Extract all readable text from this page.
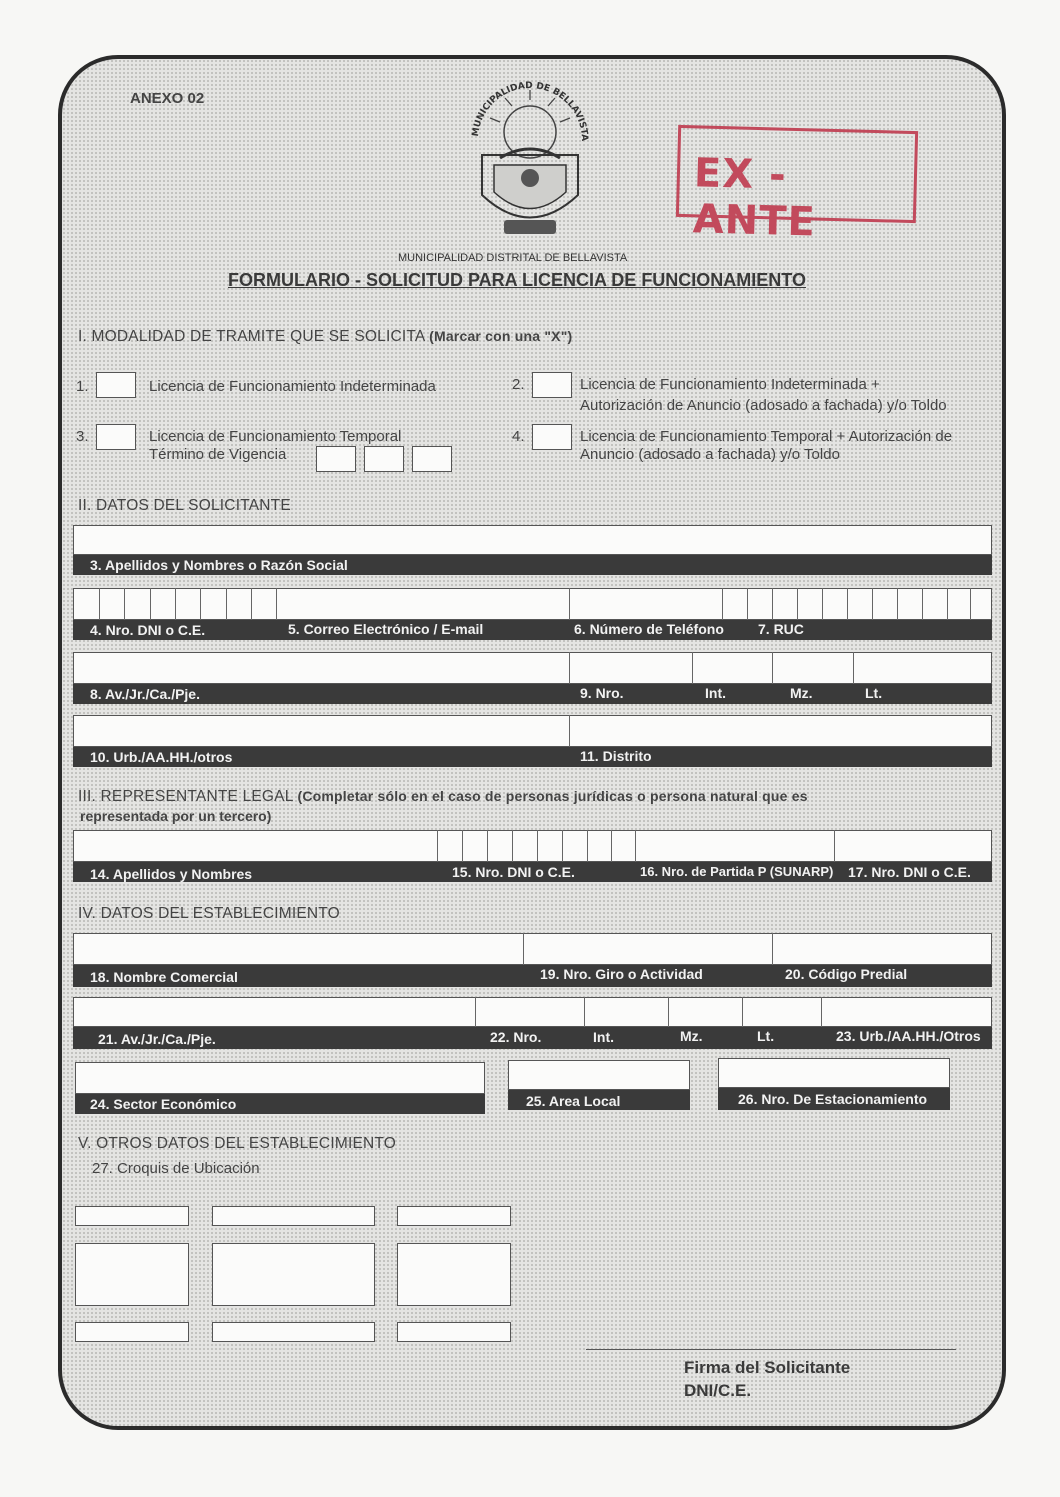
ANEXO 02
MUNICIPALIDAD DE BELLAVISTA
EX - ANTE
MUNICIPALIDAD DISTRITAL DE BELLAVISTA
FORMULARIO - SOLICITUD PARA LICENCIA DE FUNCIONAMIENTO
I. MODALIDAD DE TRAMITE QUE SE SOLICITA (Marcar con una "X")
1.	Licencia de Funcionamiento Indeterminada	2.	Licencia de Funcionamiento Indeterminada +
Autorización de Anuncio (adosado a fachada) y/o Toldo
3.	Licencia de Funcionamiento Temporal
Término de Vigencia
4.	Licencia de Funcionamiento Temporal + Autorización de
Anuncio (adosado a fachada) y/o Toldo
II. DATOS DEL SOLICITANTE
3. Apellidos y Nombres o Razón Social
4. Nro. DNI o C.E.	5. Correo Electrónico / E-mail	6. Número de Teléfono 7. RUC
8. Av./Jr./Ca./Pje.	9. Nro.	Int.	Mz.	Lt.
10. Urb./AA.HH./otros	11. Distrito
III. REPRESENTANTE LEGAL (Completar sólo en el caso de personas jurídicas o persona natural que es
representada por un tercero)
14. Apellidos y Nombres	15. Nro. DNI o C.E.	16. Nro. de Partida P (SUNARP) 17. Nro. DNI o C.E.
IV. DATOS DEL ESTABLECIMIENTO
18. Nombre Comercial	19. Nro. Giro o Actividad	20. Código Predial
21. Av./Jr./Ca./Pje.	22. Nro.	Int.	Mz.	Lt.	23. Urb./AA.HH./Otros
24. Sector Económico	25. Area Local	26. Nro. De Estacionamiento
V. OTROS DATOS DEL ESTABLECIMIENTO
27. Croquis de Ubicación
Firma del Solicitante
DNI/C.E.
